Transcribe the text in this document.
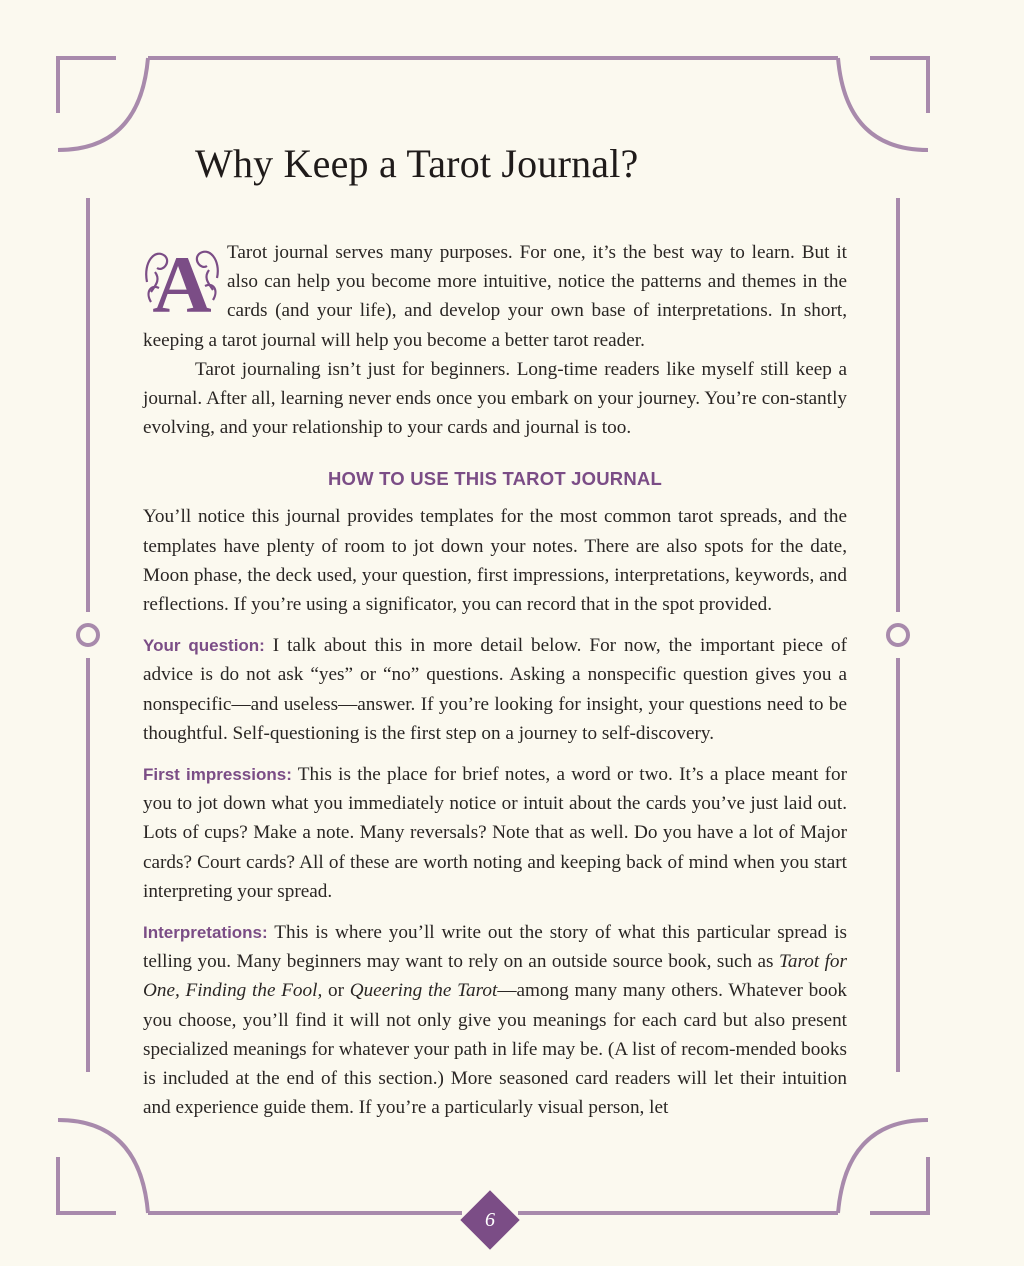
6
Why Keep a Tarot Journal?

A Tarot journal serves many purposes. For one, it’s the best way to learn. But it also can help you become more intuitive, notice the patterns and themes in the cards (and your life), and develop your own base of interpretations. In short, keeping a tarot journal will help you become a better tarot reader.

Tarot journaling isn’t just for beginners. Long-time readers like myself still keep a journal. After all, learning never ends once you embark on your journey. You’re con-stantly evolving, and your relationship to your cards and journal is too.

HOW TO USE THIS TAROT JOURNAL

You’ll notice this journal provides templates for the most common tarot spreads, and the templates have plenty of room to jot down your notes. There are also spots for the date, Moon phase, the deck used, your question, first impressions, interpretations, keywords, and reflections. If you’re using a significator, you can record that in the spot provided.

Your question: I talk about this in more detail below. For now, the important piece of advice is do not ask “yes” or “no” questions. Asking a nonspecific question gives you a nonspecific—and useless—answer. If you’re looking for insight, your questions need to be thoughtful. Self-questioning is the first step on a journey to self-discovery.

First impressions: This is the place for brief notes, a word or two. It’s a place meant for you to jot down what you immediately notice or intuit about the cards you’ve just laid out. Lots of cups? Make a note. Many reversals? Note that as well. Do you have a lot of Major cards? Court cards? All of these are worth noting and keeping back of mind when you start interpreting your spread.

Interpretations: This is where you’ll write out the story of what this particular spread is telling you. Many beginners may want to rely on an outside source book, such as Tarot for One, Finding the Fool, or Queering the Tarot—among many many others. Whatever book you choose, you’ll find it will not only give you meanings for each card but also present specialized meanings for whatever your path in life may be. (A list of recom-mended books is included at the end of this section.) More seasoned card readers will let their intuition and experience guide them. If you’re a particularly visual person, let
